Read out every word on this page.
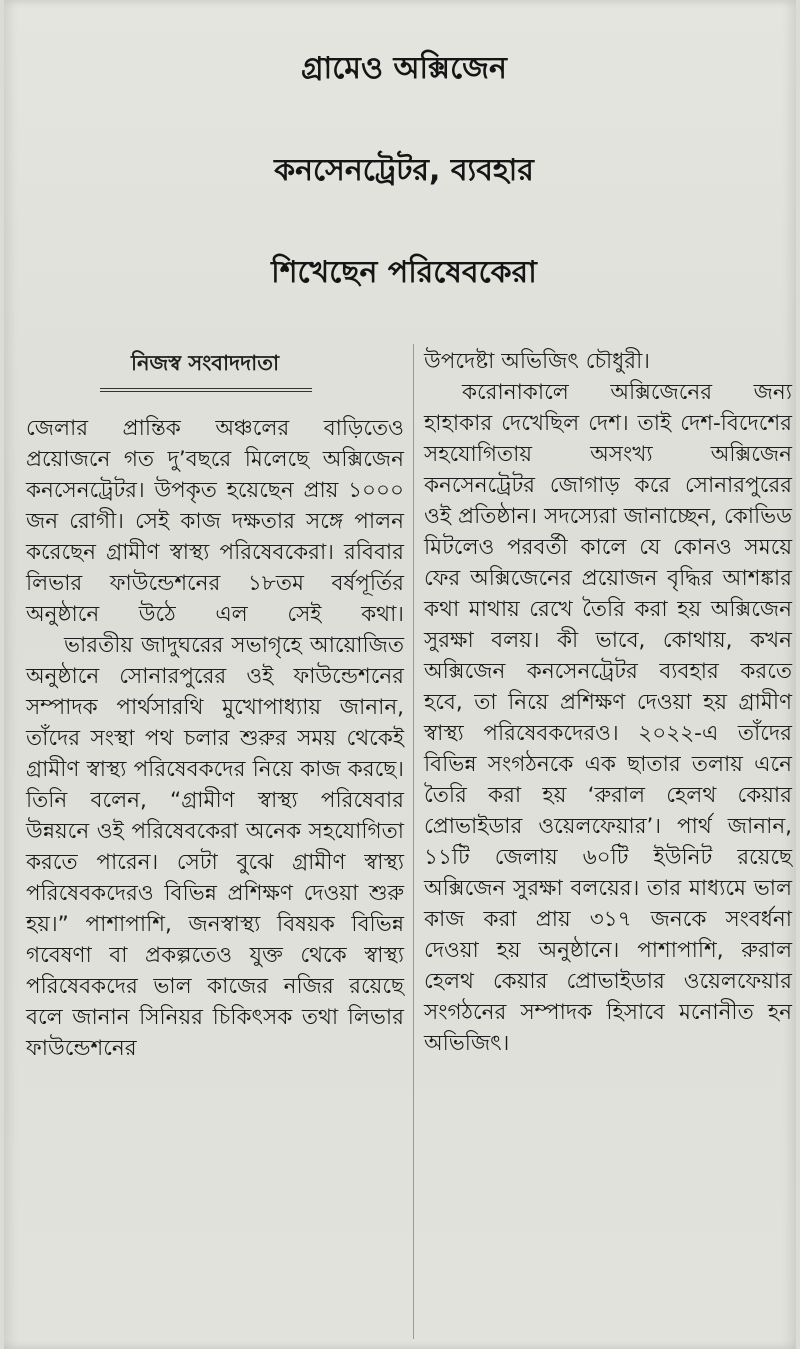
গ্রামেও অক্সিজেন
কনসেনট্রেটর, ব্যবহার
শিখেছেন পরিষেবকেরা
নিজস্ব সংবাদদাতা

জেলার প্রান্তিক অঞ্চলের বাড়িতেও প্রয়োজনে গত দু’বছরে মিলেছে অক্সিজেন কনসেনট্রেটর। উপকৃত হয়েছেন প্রায় ১০০০ জন রোগী। সেই কাজ দক্ষতার সঙ্গে পালন করেছেন গ্রামীণ স্বাস্থ্য পরিষেবকেরা। রবিবার লিভার ফাউন্ডেশনের ১৮তম বর্ষপূর্তির অনুষ্ঠানে উঠে এল সেই কথা।

ভারতীয় জাদুঘরের সভাগৃহে আয়োজিত অনুষ্ঠানে সোনারপুরের ওই ফাউন্ডেশনের সম্পাদক পার্থসারথি মুখোপাধ্যায় জানান, তাঁদের সংস্থা পথ চলার শুরুর সময় থেকেই গ্রামীণ স্বাস্থ্য পরিষেবকদের নিয়ে কাজ করছে। তিনি বলেন, “গ্রামীণ স্বাস্থ্য পরিষেবার উন্নয়নে ওই পরিষেবকেরা অনেক সহযোগিতা করতে পারেন। সেটা বুঝে গ্রামীণ স্বাস্থ্য পরিষেবকদেরও বিভিন্ন প্রশিক্ষণ দেওয়া শুরু হয়।” পাশাপাশি, জনস্বাস্থ্য বিষয়ক বিভিন্ন গবেষণা বা প্রকল্পতেও যুক্ত থেকে স্বাস্থ্য পরিষেবকদের ভাল কাজের নজির রয়েছে বলে জানান সিনিয়র চিকিৎসক তথা লিভার ফাউন্ডেশনের

উপদেষ্টা অভিজিৎ চৌধুরী।

করোনাকালে অক্সিজেনের জন্য হাহাকার দেখেছিল দেশ। তাই দেশ-বিদেশের সহযোগিতায় অসংখ্য অক্সিজেন কনসেনট্রেটর জোগাড় করে সোনারপুরের ওই প্রতিষ্ঠান। সদস্যেরা জানাচ্ছেন, কোভিড মিটলেও পরবর্তী কালে যে কোনও সময়ে ফের অক্সিজেনের প্রয়োজন বৃদ্ধির আশঙ্কার কথা মাথায় রেখে তৈরি করা হয় অক্সিজেন সুরক্ষা বলয়। কী ভাবে, কোথায়, কখন অক্সিজেন কনসেনট্রেটর ব্যবহার করতে হবে, তা নিয়ে প্রশিক্ষণ দেওয়া হয় গ্রামীণ স্বাস্থ্য পরিষেবকদেরও। ২০২২-এ তাঁদের বিভিন্ন সংগঠনকে এক ছাতার তলায় এনে তৈরি করা হয় ‘রুরাল হেলথ কেয়ার প্রোভাইডার ওয়েলফেয়ার’। পার্থ জানান, ১১টি জেলায় ৬০টি ইউনিট রয়েছে অক্সিজেন সুরক্ষা বলয়ের। তার মাধ্যমে ভাল কাজ করা প্রায় ৩১৭ জনকে সংবর্ধনা দেওয়া হয় অনুষ্ঠানে। পাশাপাশি, রুরাল হেলথ কেয়ার প্রোভাইডার ওয়েলফেয়ার সংগঠনের সম্পাদক হিসাবে মনোনীত হন অভিজিৎ।
